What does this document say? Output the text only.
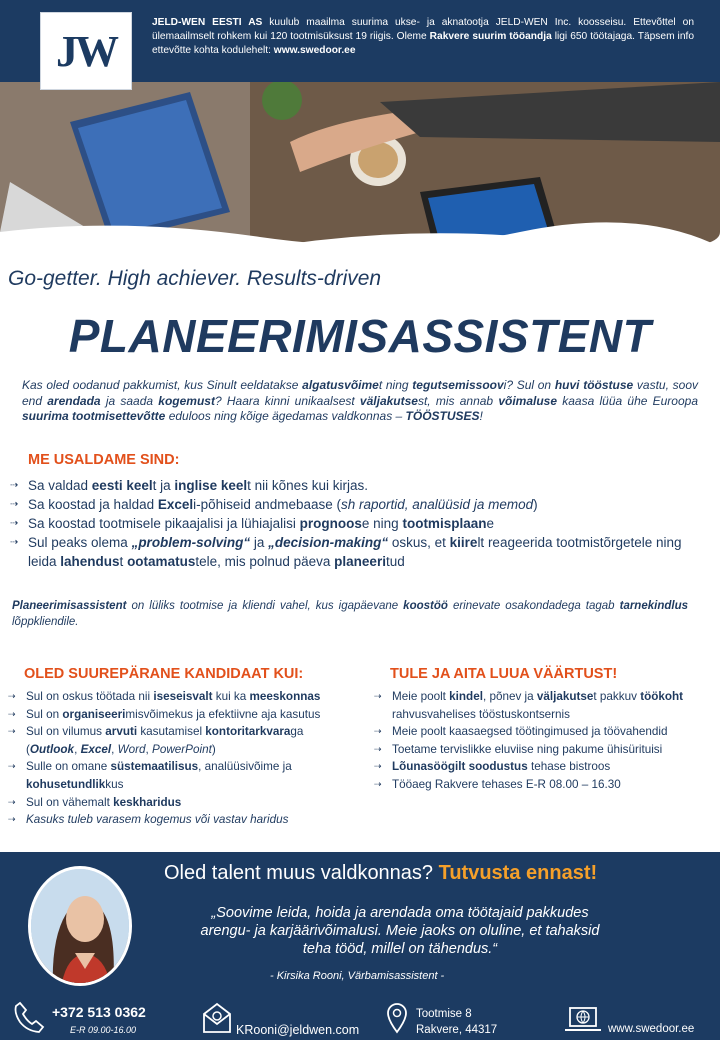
JELD-WEN EESTI AS kuulub maailma suurima ukse- ja aknatootja JELD-WEN Inc. koosseisu. Ettevõttel on ülemaailmselt rohkem kui 120 tootmisüksust 19 riigis. Oleme Rakvere suurim tööandja ligi 650 töötajaga. Täpsem info ettevõtte kohta kodulehelt: www.swedoor.ee
JW
Go-getter. High achiever. Results-driven
PLANEERIMISASSISTENT
Kas oled oodanud pakkumist, kus Sinult eeldatakse algatusvõimet ning tegutsemissoovi? Sul on huvi tööstuse vastu, soov end arendada ja saada kogemust? Haara kinni unikaalsest väljakutsest, mis annab võimaluse kaasa lüüa ühe Euroopa suurima tootmisettevõtte eduloos ning kõige ägedamas valdkonnas – TÖÖSTUSES!
ME USALDAME SIND:
⇢ Sa valdad eesti keelt ja inglise keelt nii kõnes kui kirjas.
⇢ Sa koostad ja haldad Exceli-põhiseid andmebaase (sh raportid, analüüsid ja memod)
⇢ Sa koostad tootmisele pikaajalisi ja lühiajalisi prognoose ning tootmisplaane
⇢ Sul peaks olema „problem-solving“ ja „decision-making“ oskus, et kiirelt reageerida tootmistõrgetele ning leida lahendust ootamatustele, mis polnud päeva planeeritud
Planeerimisassistent on lüliks tootmise ja kliendi vahel, kus igapäevane koostöö erinevate osakondadega tagab tarnekindlus lõppkliendile.
OLED SUUREPÄRANE KANDIDAAT KUI:
⇢ Sul on oskus töötada nii iseseisvalt kui ka meeskonnas
⇢ Sul on organiseerimisvõimekus ja efektiivne aja kasutus
⇢ Sul on vilumus arvuti kasutamisel kontoritarkvaraga (Outlook, Excel, Word, PowerPoint)
⇢ Sulle on omane süstemaatilisus, analüüsivõime ja kohusetundlikkus
⇢ Sul on vähemalt keskharidus
⇢ Kasuks tuleb varasem kogemus või vastav haridus
TULE JA AITA LUUA VÄÄRTUST!
⇢ Meie poolt kindel, põnev ja väljakutset pakkuv töökoht rahvusvahelises tööstuskontsernis
⇢ Meie poolt kaasaegsed töötingimused ja töövahendid
⇢ Toetame tervislikke eluviise ning pakume ühisürituisi
⇢ Lõunasöögilt soodustus tehase bistroos
⇢ Tööaeg Rakvere tehases E-R 08.00 – 16.30
Oled talent muus valdkonnas? Tutvusta ennast!
„Soovime leida, hoida ja arendada oma töötajaid pakkudes arengu- ja karjäärivõimalusi. Meie jaoks on oluline, et tahaksid teha tööd, millel on tähendus.“
- Kirsika Rooni, Värbamisassistent -
+372 513 0362
E-R 09.00-16.00	KRooni@jeldwen.com
Tootmise 8
Rakvere, 44317	www.swedoor.ee
